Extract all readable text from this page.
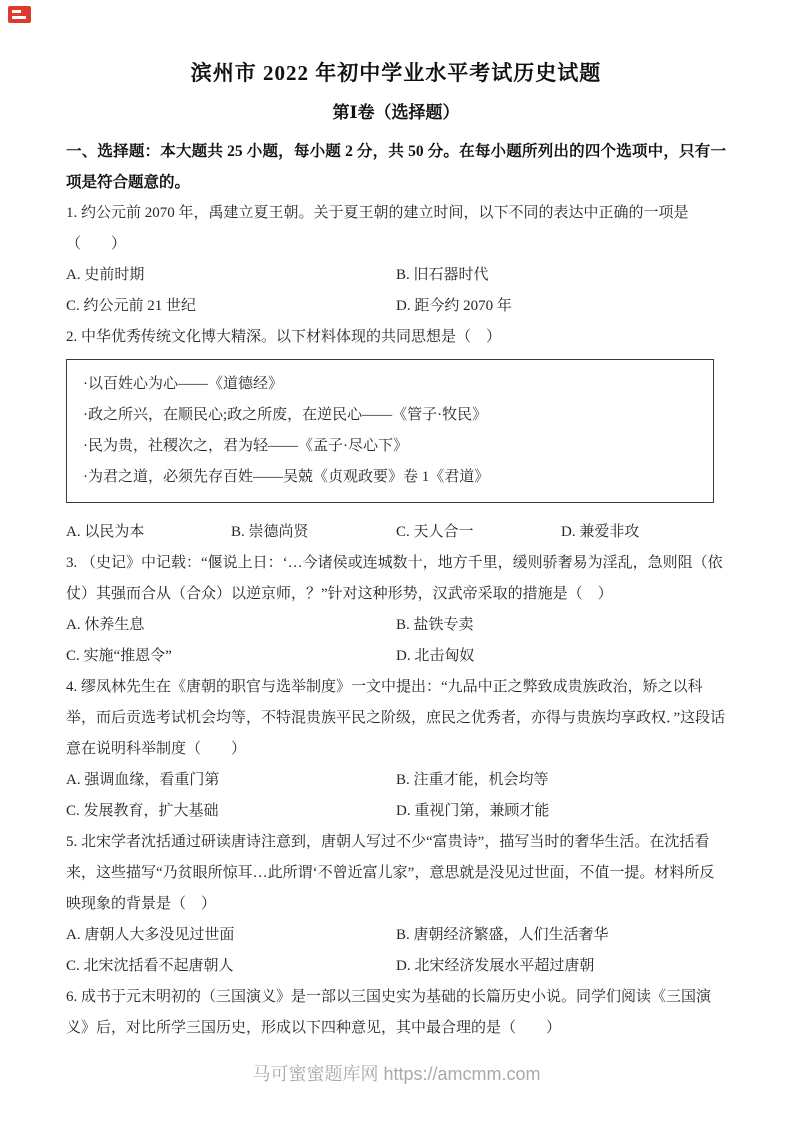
滨州市 2022 年初中学业水平考试历史试题
第Ⅰ卷（选择题）

一、选择题：本大题共 25 小题，每小题 2 分，共 50 分。在每小题所列出的四个选项中，只有一项是符合题意的。

1. 约公元前 2070 年，禹建立夏王朝。关于夏王朝的建立时间，以下不同的表达中正确的一项是（　　）

A. 史前时期	B. 旧石器时代
C. 约公元前 21 世纪	D. 距今约 2070 年

2. 中华优秀传统文化博大精深。以下材料体现的共同思想是（　）

·以百姓心为心——《道德经》

·政之所兴，在顺民心;政之所废，在逆民心——《管子·牧民》

·民为贵，社稷次之，君为轻——《孟子·尽心下》

·为君之道，必须先存百姓——吴兢《贞观政要》卷 1《君道》

A. 以民为本	B. 崇德尚贤	C. 天人合一	D. 兼爱非攻

3. （史记》中记载：“偃说上日：‘…今诸侯或连城数十，地方千里，缓则骄奢易为淫乱，急则阻（依仗）其强而合从（合众）以逆京师，？”针对这种形势，汉武帝采取的措施是（　）

A. 休养生息	B. 盐铁专卖
C. 实施“推恩令”	D. 北击匈奴

4. 缪凤林先生在《唐朝的职官与选举制度》一文中提出：“九品中正之弊致成贵族政治，矫之以科举，而后贡选考试机会均等，不特混贵族平民之阶级，庶民之优秀者，亦得与贵族均享政权．”这段话意在说明科举制度（　　）

A. 强调血缘，看重门第	B. 注重才能，机会均等
C. 发展教育，扩大基础	D. 重视门第，兼顾才能

5. 北宋学者沈括通过研读唐诗注意到，唐朝人写过不少“富贵诗”，描写当时的奢华生活。在沈括看来，这些描写“乃贫眼所惊耳…此所谓‘不曾近富儿家”，意思就是没见过世面，不值一提。材料所反映现象的背景是（　）

A. 唐朝人大多没见过世面	B. 唐朝经济繁盛，人们生活奢华
C. 北宋沈括看不起唐朝人	D. 北宋经济发展水平超过唐朝

6. 成书于元末明初的（三国演义》是一部以三国史实为基础的长篇历史小说。同学们阅读《三国演义》后，对比所学三国历史，形成以下四种意见，其中最合理的是（　　）

马可蜜蜜题库网 https://amcmm.com
